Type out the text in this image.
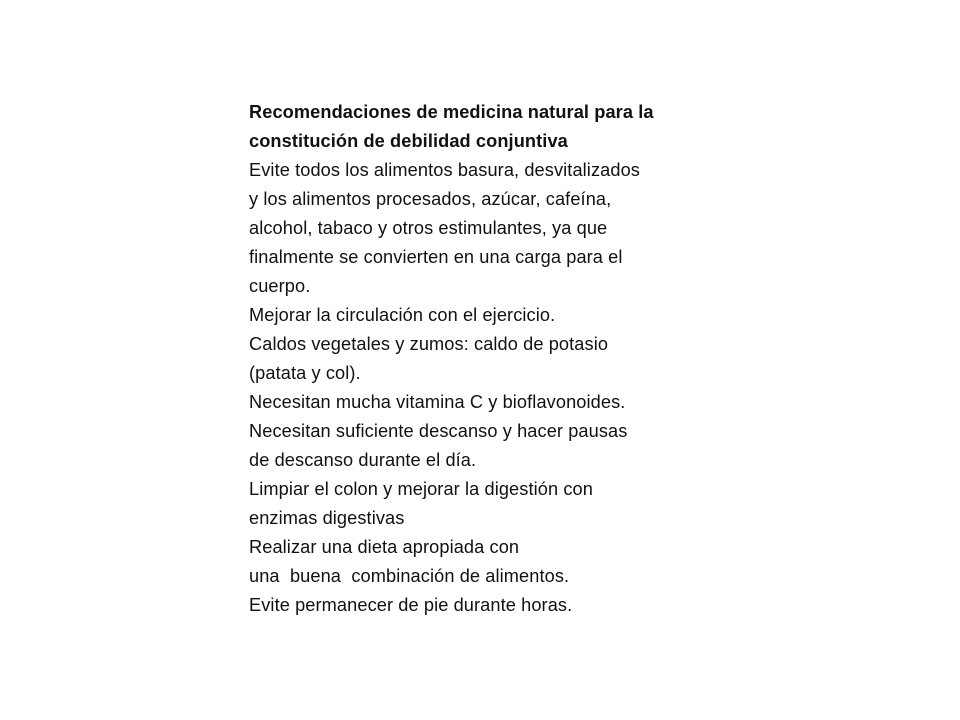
Recomendaciones de medicina natural para la
constitución de debilidad conjuntiva
Evite todos los alimentos basura, desvitalizados
y los alimentos procesados, azúcar, cafeína,
alcohol, tabaco y otros estimulantes, ya que
finalmente se convierten en una carga para el
cuerpo.
Mejorar la circulación con el ejercicio.
Caldos vegetales y zumos: caldo de potasio
(patata y col).
Necesitan mucha vitamina C y bioflavonoides.
Necesitan suficiente descanso y hacer pausas
de descanso durante el día.
Limpiar el colon y mejorar la digestión con
enzimas digestivas
Realizar una dieta apropiada con
una  buena  combinación de alimentos.
Evite permanecer de pie durante horas.
